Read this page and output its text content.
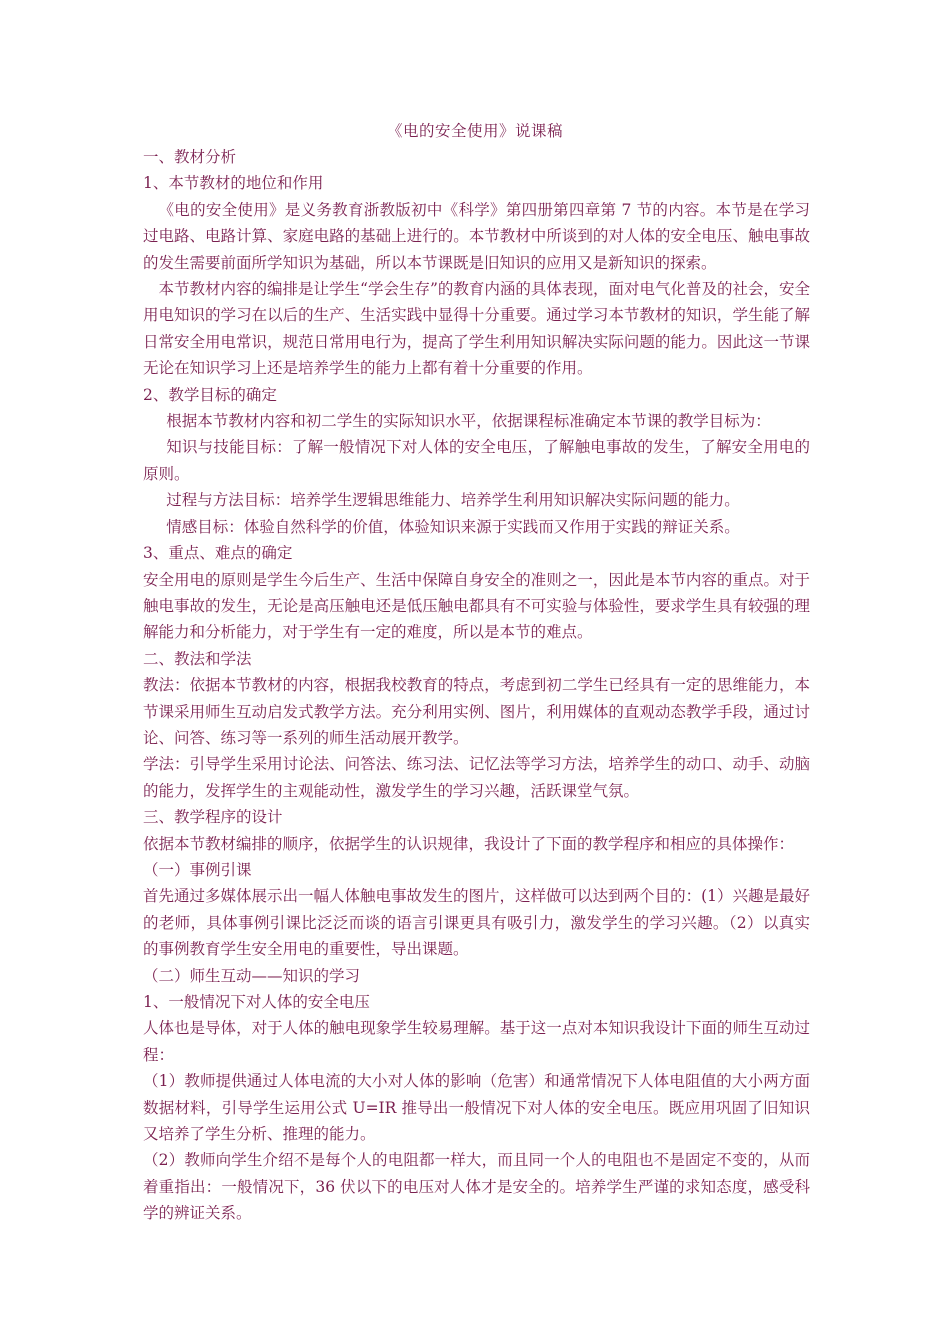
《电的安全使用》说课稿

一、教材分析

1、本节教材的地位和作用

《电的安全使用》是义务教育浙教版初中《科学》第四册第四章第 7 节的内容。本节是在学习过电路、电路计算、家庭电路的基础上进行的。本节教材中所谈到的对人体的安全电压、触电事故的发生需要前面所学知识为基础，所以本节课既是旧知识的应用又是新知识的探索。

本节教材内容的编排是让学生“学会生存”的教育内涵的具体表现，面对电气化普及的社会，安全用电知识的学习在以后的生产、生活实践中显得十分重要。通过学习本节教材的知识，学生能了解日常安全用电常识，规范日常用电行为，提高了学生利用知识解决实际问题的能力。因此这一节课无论在知识学习上还是培养学生的能力上都有着十分重要的作用。

2、教学目标的确定

根据本节教材内容和初二学生的实际知识水平，依据课程标准确定本节课的教学目标为：

知识与技能目标：了解一般情况下对人体的安全电压，了解触电事故的发生，了解安全用电的原则。

过程与方法目标：培养学生逻辑思维能力、培养学生利用知识解决实际问题的能力。

情感目标：体验自然科学的价值，体验知识来源于实践而又作用于实践的辩证关系。

3、重点、难点的确定

安全用电的原则是学生今后生产、生活中保障自身安全的准则之一，因此是本节内容的重点。对于触电事故的发生，无论是高压触电还是低压触电都具有不可实验与体验性，要求学生具有较强的理解能力和分析能力，对于学生有一定的难度，所以是本节的难点。

二、教法和学法

教法：依据本节教材的内容，根据我校教育的特点，考虑到初二学生已经具有一定的思维能力，本节课采用师生互动启发式教学方法。充分利用实例、图片，利用媒体的直观动态教学手段，通过讨论、问答、练习等一系列的师生活动展开教学。

学法：引导学生采用讨论法、问答法、练习法、记忆法等学习方法，培养学生的动口、动手、动脑的能力，发挥学生的主观能动性，激发学生的学习兴趣，活跃课堂气氛。

三、教学程序的设计

依据本节教材编排的顺序，依据学生的认识规律，我设计了下面的教学程序和相应的具体操作：

（一）事例引课

首先通过多媒体展示出一幅人体触电事故发生的图片，这样做可以达到两个目的：(1）兴趣是最好的老师，具体事例引课比泛泛而谈的语言引课更具有吸引力，激发学生的学习兴趣。（2）以真实的事例教育学生安全用电的重要性，导出课题。

（二）师生互动——知识的学习

1、一般情况下对人体的安全电压

人体也是导体，对于人体的触电现象学生较易理解。基于这一点对本知识我设计下面的师生互动过程：

（1）教师提供通过人体电流的大小对人体的影响（危害）和通常情况下人体电阻值的大小两方面数据材料，引导学生运用公式 U=IR 推导出一般情况下对人体的安全电压。既应用巩固了旧知识又培养了学生分析、推理的能力。

（2）教师向学生介绍不是每个人的电阻都一样大，而且同一个人的电阻也不是固定不变的，从而着重指出：一般情况下，36 伏以下的电压对人体才是安全的。培养学生严谨的求知态度，感受科学的辨证关系。
